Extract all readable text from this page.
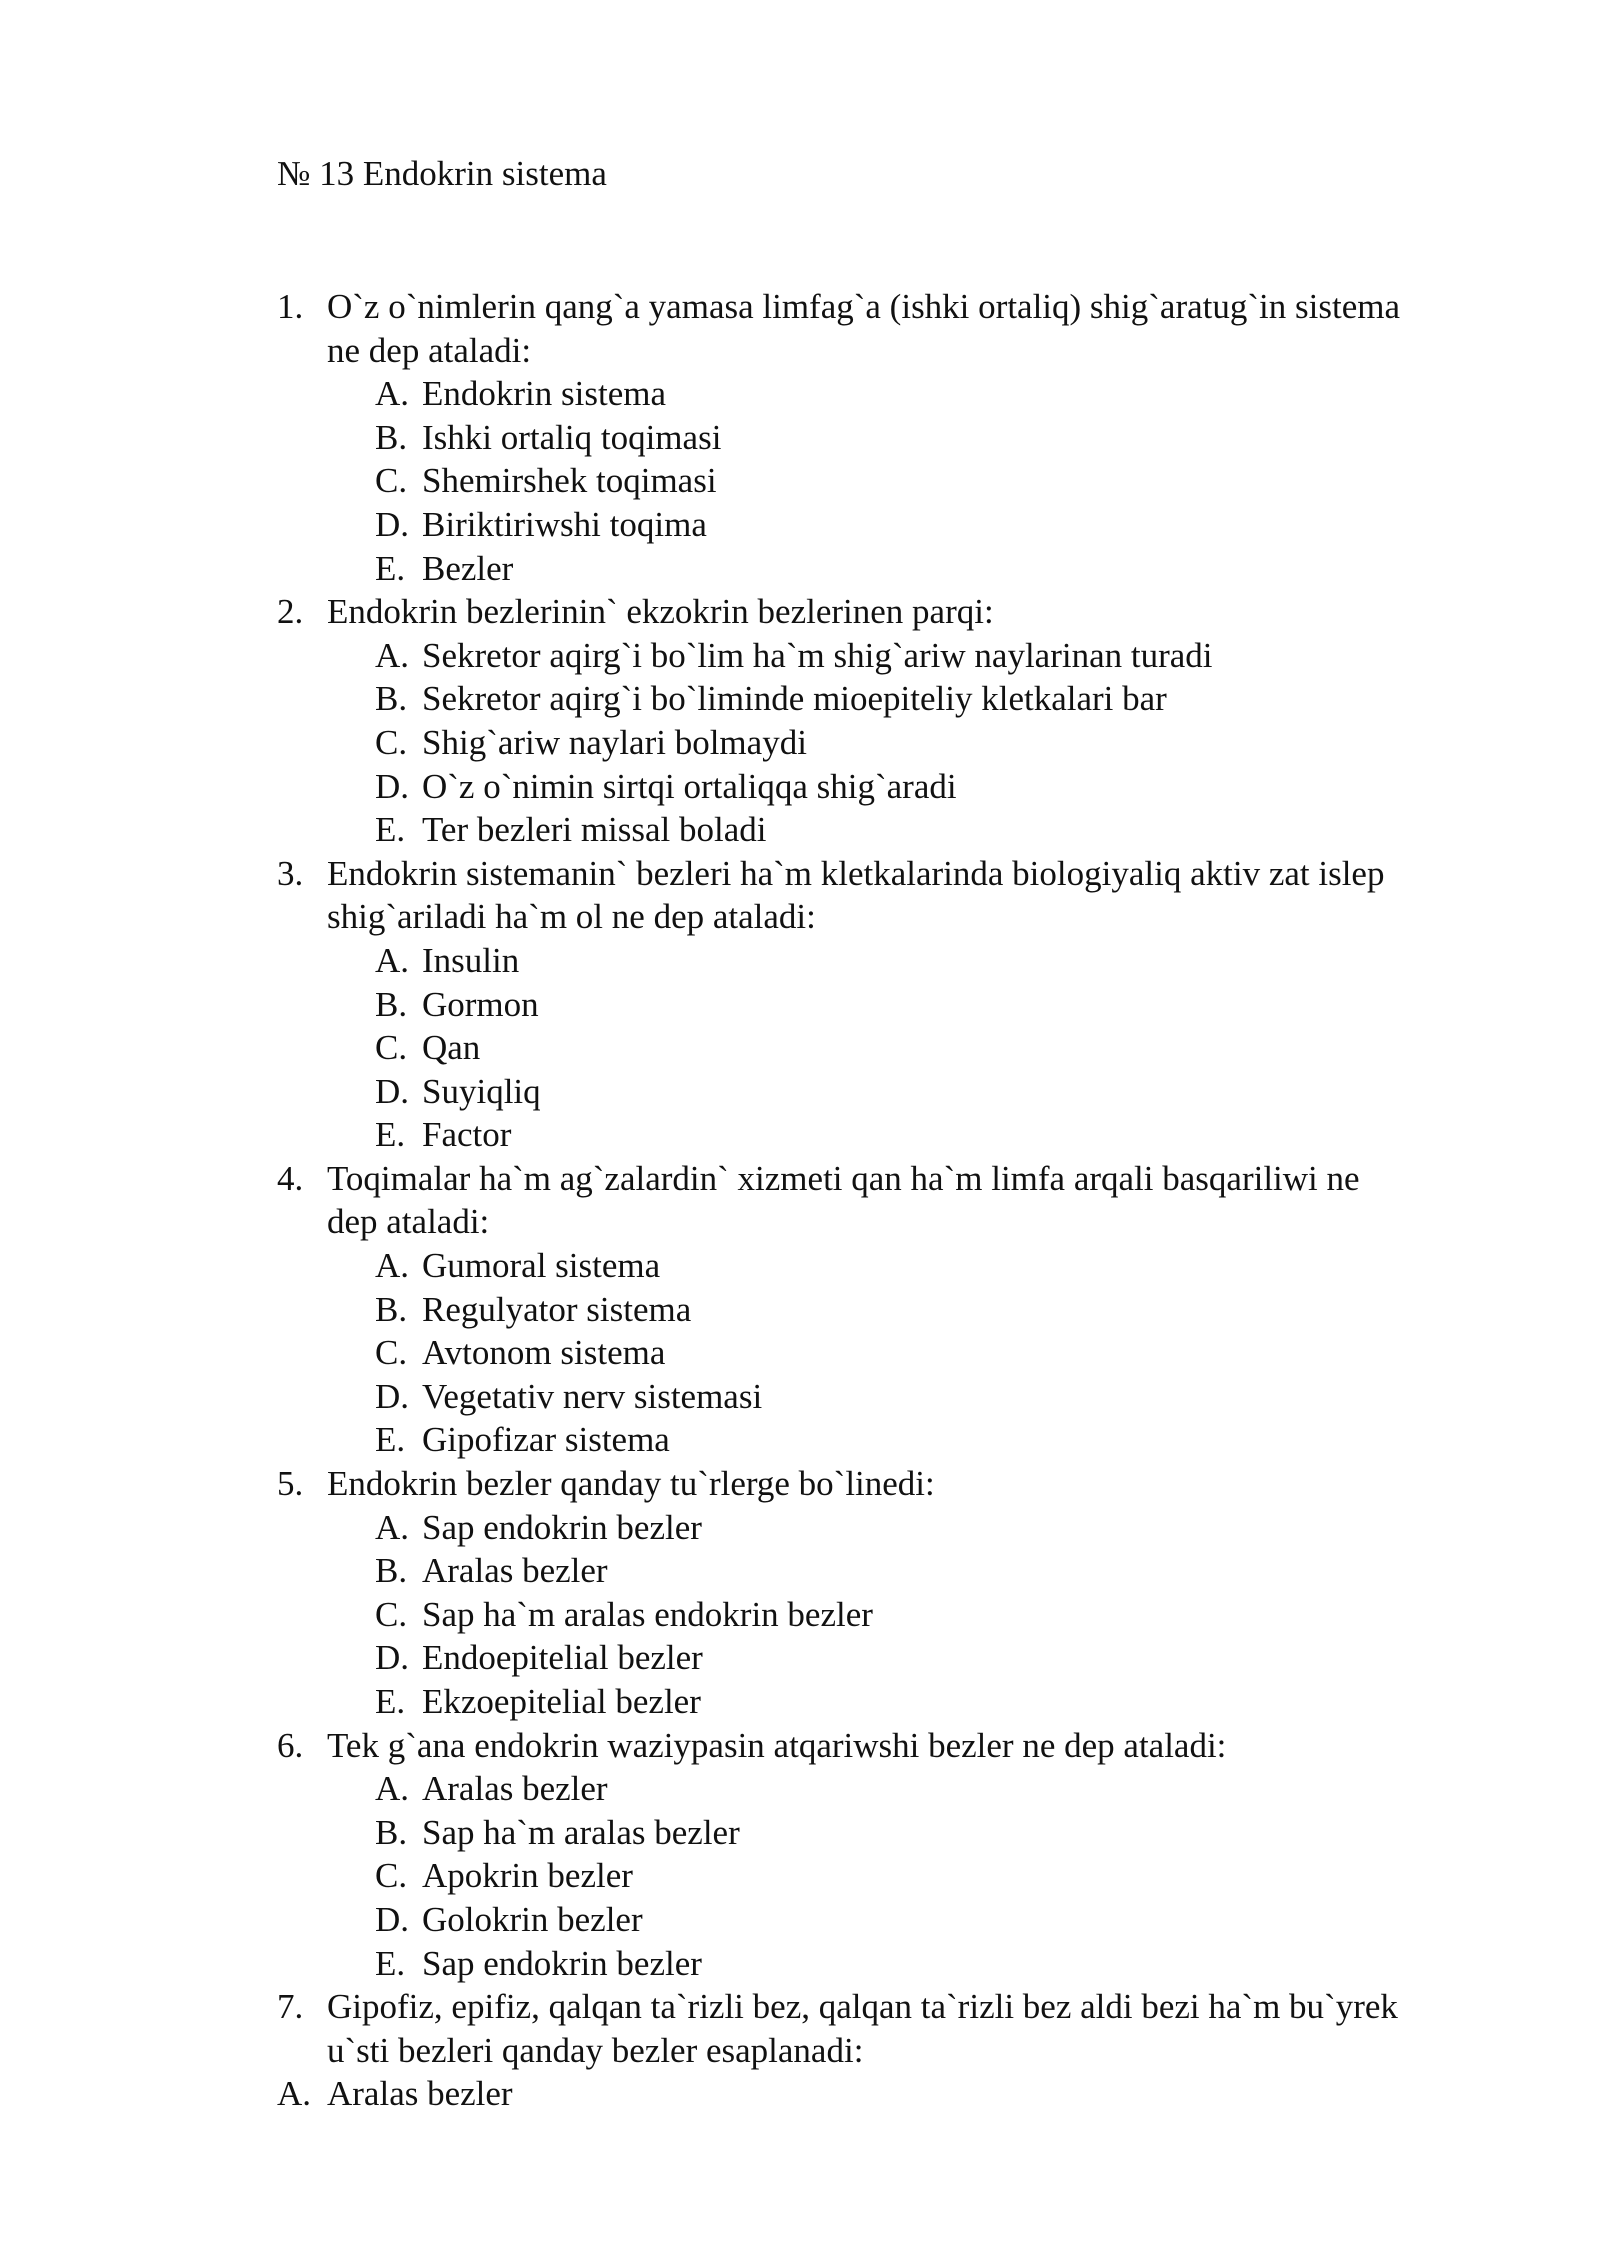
№ 13 Endokrin sistema
1. O`z o`nimlerin qang`a yamasa limfag`a (ishki ortaliq) shig`aratug`in sistema
ne dep ataladi:
A. Endokrin sistema
B. Ishki ortaliq toqimasi
C. Shemirshek toqimasi
D. Biriktiriwshi toqima
E. Bezler
2. Endokrin bezlerinin` ekzokrin bezlerinen parqi:
A. Sekretor aqirg`i bo`lim ha`m shig`ariw naylarinan turadi
B. Sekretor aqirg`i bo`liminde mioepiteliy kletkalari bar
C. Shig`ariw naylari bolmaydi
D. O`z o`nimin sirtqi ortaliqqa shig`aradi
E. Ter bezleri missal boladi
3. Endokrin sistemanin` bezleri ha`m kletkalarinda biologiyaliq aktiv zat islep
shig`ariladi ha`m ol ne dep ataladi:
A. Insulin
B. Gormon
C. Qan
D. Suyiqliq
E. Factor
4. Toqimalar ha`m ag`zalardin` xizmeti qan ha`m limfa arqali basqariliwi ne
dep ataladi:
A. Gumoral sistema
B. Regulyator sistema
C. Avtonom sistema
D. Vegetativ nerv sistemasi
E. Gipofizar sistema
5. Endokrin bezler qanday tu`rlerge bo`linedi:
A. Sap endokrin bezler
B. Aralas bezler
C. Sap ha`m aralas endokrin bezler
D. Endoepitelial bezler
E. Ekzoepitelial bezler
6. Tek g`ana endokrin waziypasin atqariwshi bezler ne dep ataladi:
A. Aralas bezler
B. Sap ha`m aralas bezler
C. Apokrin bezler
D. Golokrin bezler
E. Sap endokrin bezler
7. Gipofiz, epifiz, qalqan ta`rizli bez, qalqan ta`rizli bez aldi bezi ha`m bu`yrek
u`sti bezleri qanday bezler esaplanadi:
A. Aralas bezler
